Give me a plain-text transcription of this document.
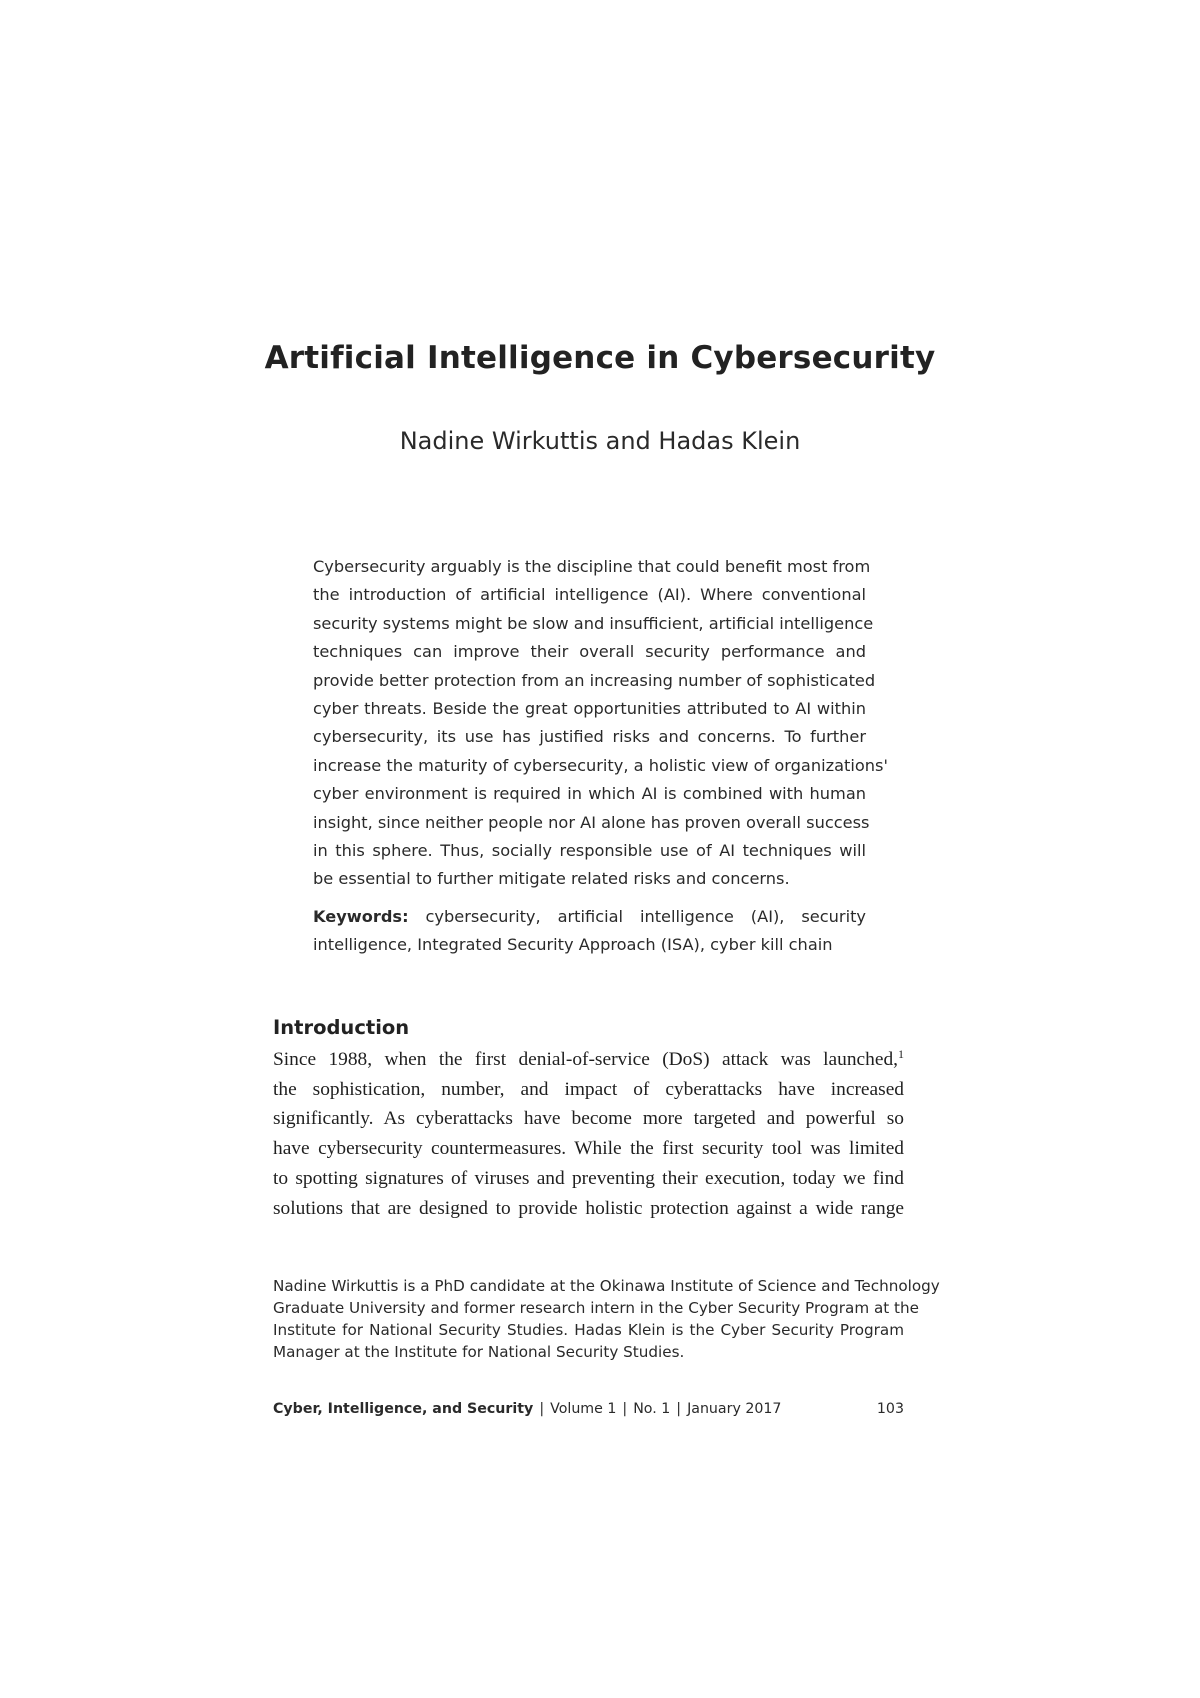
Artificial Intelligence in Cybersecurity
Nadine Wirkuttis and Hadas Klein
Cybersecurity arguably is the discipline that could benefit most from
the introduction of artificial intelligence (AI). Where conventional
security systems might be slow and insufficient, artificial intelligence
techniques can improve their overall security performance and
provide better protection from an increasing number of sophisticated
cyber threats. Beside the great opportunities attributed to AI within
cybersecurity, its use has justified risks and concerns. To further
increase the maturity of cybersecurity, a holistic view of organizations'
cyber environment is required in which AI is combined with human
insight, since neither people nor AI alone has proven overall success
in this sphere. Thus, socially responsible use of AI techniques will
be essential to further mitigate related risks and concerns.
Keywords: cybersecurity, artificial intelligence (AI), security
intelligence, Integrated Security Approach (ISA), cyber kill chain
Introduction
Since 1988, when the first denial-of-service (DoS) attack was launched,$^1$
the sophistication, number, and impact of cyberattacks have increased
significantly. As cyberattacks have become more targeted and powerful so
have cybersecurity countermeasures. While the first security tool was limited
to spotting signatures of viruses and preventing their execution, today we find
solutions that are designed to provide holistic protection against a wide range
Nadine Wirkuttis is a PhD candidate at the Okinawa Institute of Science and Technology
Graduate University and former research intern in the Cyber Security Program at the
Institute for National Security Studies. Hadas Klein is the Cyber Security Program
Manager at the Institute for National Security Studies.
Cyber, Intelligence, and Security | Volume 1 | No. 1 | January 2017	103
